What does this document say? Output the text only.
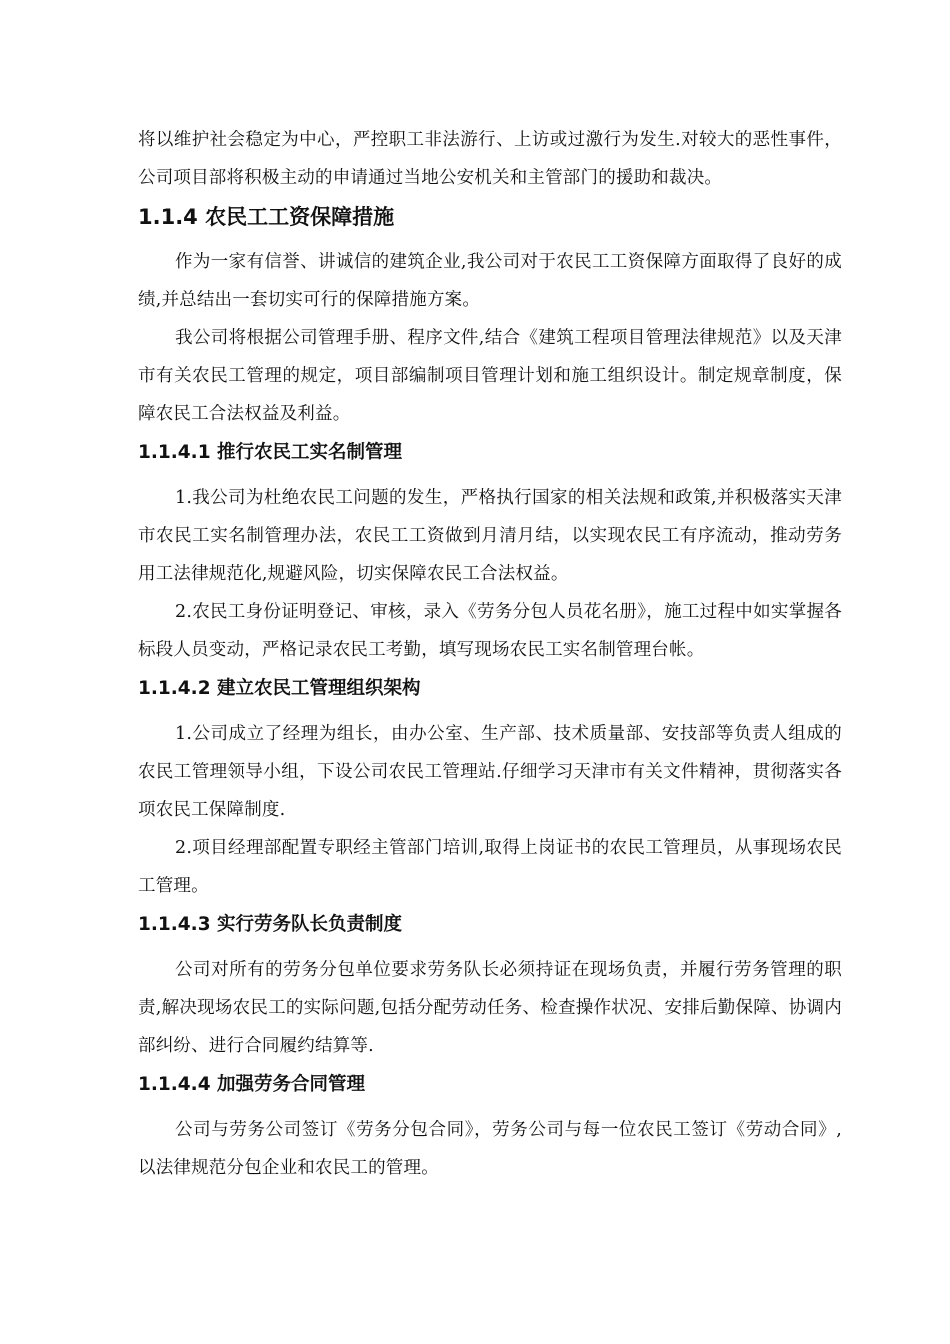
将以维护社会稳定为中心，严控职工非法游行、上访或过激行为发生.对较大的恶性事件，公司项目部将积极主动的申请通过当地公安机关和主管部门的援助和裁决。

1.1.4 农民工工资保障措施

作为一家有信誉、讲诚信的建筑企业,我公司对于农民工工资保障方面取得了良好的成绩,并总结出一套切实可行的保障措施方案。

我公司将根据公司管理手册、程序文件,结合《建筑工程项目管理法律规范》以及天津市有关农民工管理的规定，项目部编制项目管理计划和施工组织设计。制定规章制度，保障农民工合法权益及利益。

1.1.4.1 推行农民工实名制管理

1.我公司为杜绝农民工问题的发生，严格执行国家的相关法规和政策,并积极落实天津市农民工实名制管理办法，农民工工资做到月清月结，以实现农民工有序流动，推动劳务用工法律规范化,规避风险，切实保障农民工合法权益。

2.农民工身份证明登记、审核，录入《劳务分包人员花名册》，施工过程中如实掌握各标段人员变动，严格记录农民工考勤，填写现场农民工实名制管理台帐。

1.1.4.2 建立农民工管理组织架构

1.公司成立了经理为组长，由办公室、生产部、技术质量部、安技部等负责人组成的农民工管理领导小组，下设公司农民工管理站.仔细学习天津市有关文件精神，贯彻落实各项农民工保障制度.

2.项目经理部配置专职经主管部门培训,取得上岗证书的农民工管理员，从事现场农民工管理。

1.1.4.3 实行劳务队长负责制度

公司对所有的劳务分包单位要求劳务队长必须持证在现场负责，并履行劳务管理的职责,解决现场农民工的实际问题,包括分配劳动任务、检查操作状况、安排后勤保障、协调内部纠纷、进行合同履约结算等.

1.1.4.4 加强劳务合同管理

公司与劳务公司签订《劳务分包合同》，劳务公司与每一位农民工签订《劳动合同》,以法律规范分包企业和农民工的管理。
